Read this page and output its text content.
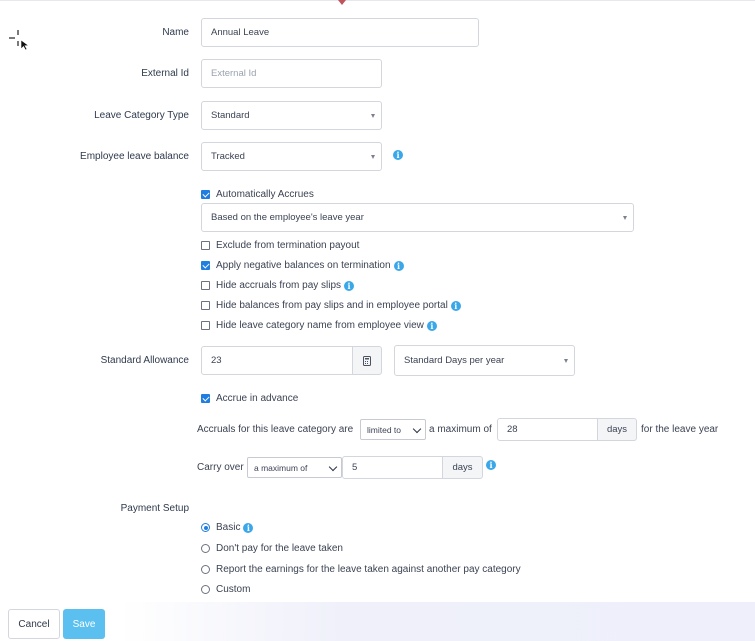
Name Annual Leave
External Id External Id
Leave Category Type Standard
Employee leave balance Tracked	i
Automatically Accrues
Based on the employee's leave year
Exclude from termination payout
Apply negative balances on termination i
Hide accruals from pay slips i
Hide balances from pay slips and in employee portal i
Hide leave category name from employee view i
Standard Allowance 23	Standard Days per year
Accrue in advance
Accruals for this leave category are limited to	a maximum of 28	days	for the leave year
Carry over a maximum of	5	days	i
Payment Setup
Basic i
Don't pay for the leave taken
Report the earnings for the leave taken against another pay category
Custom
Cancel	Save
